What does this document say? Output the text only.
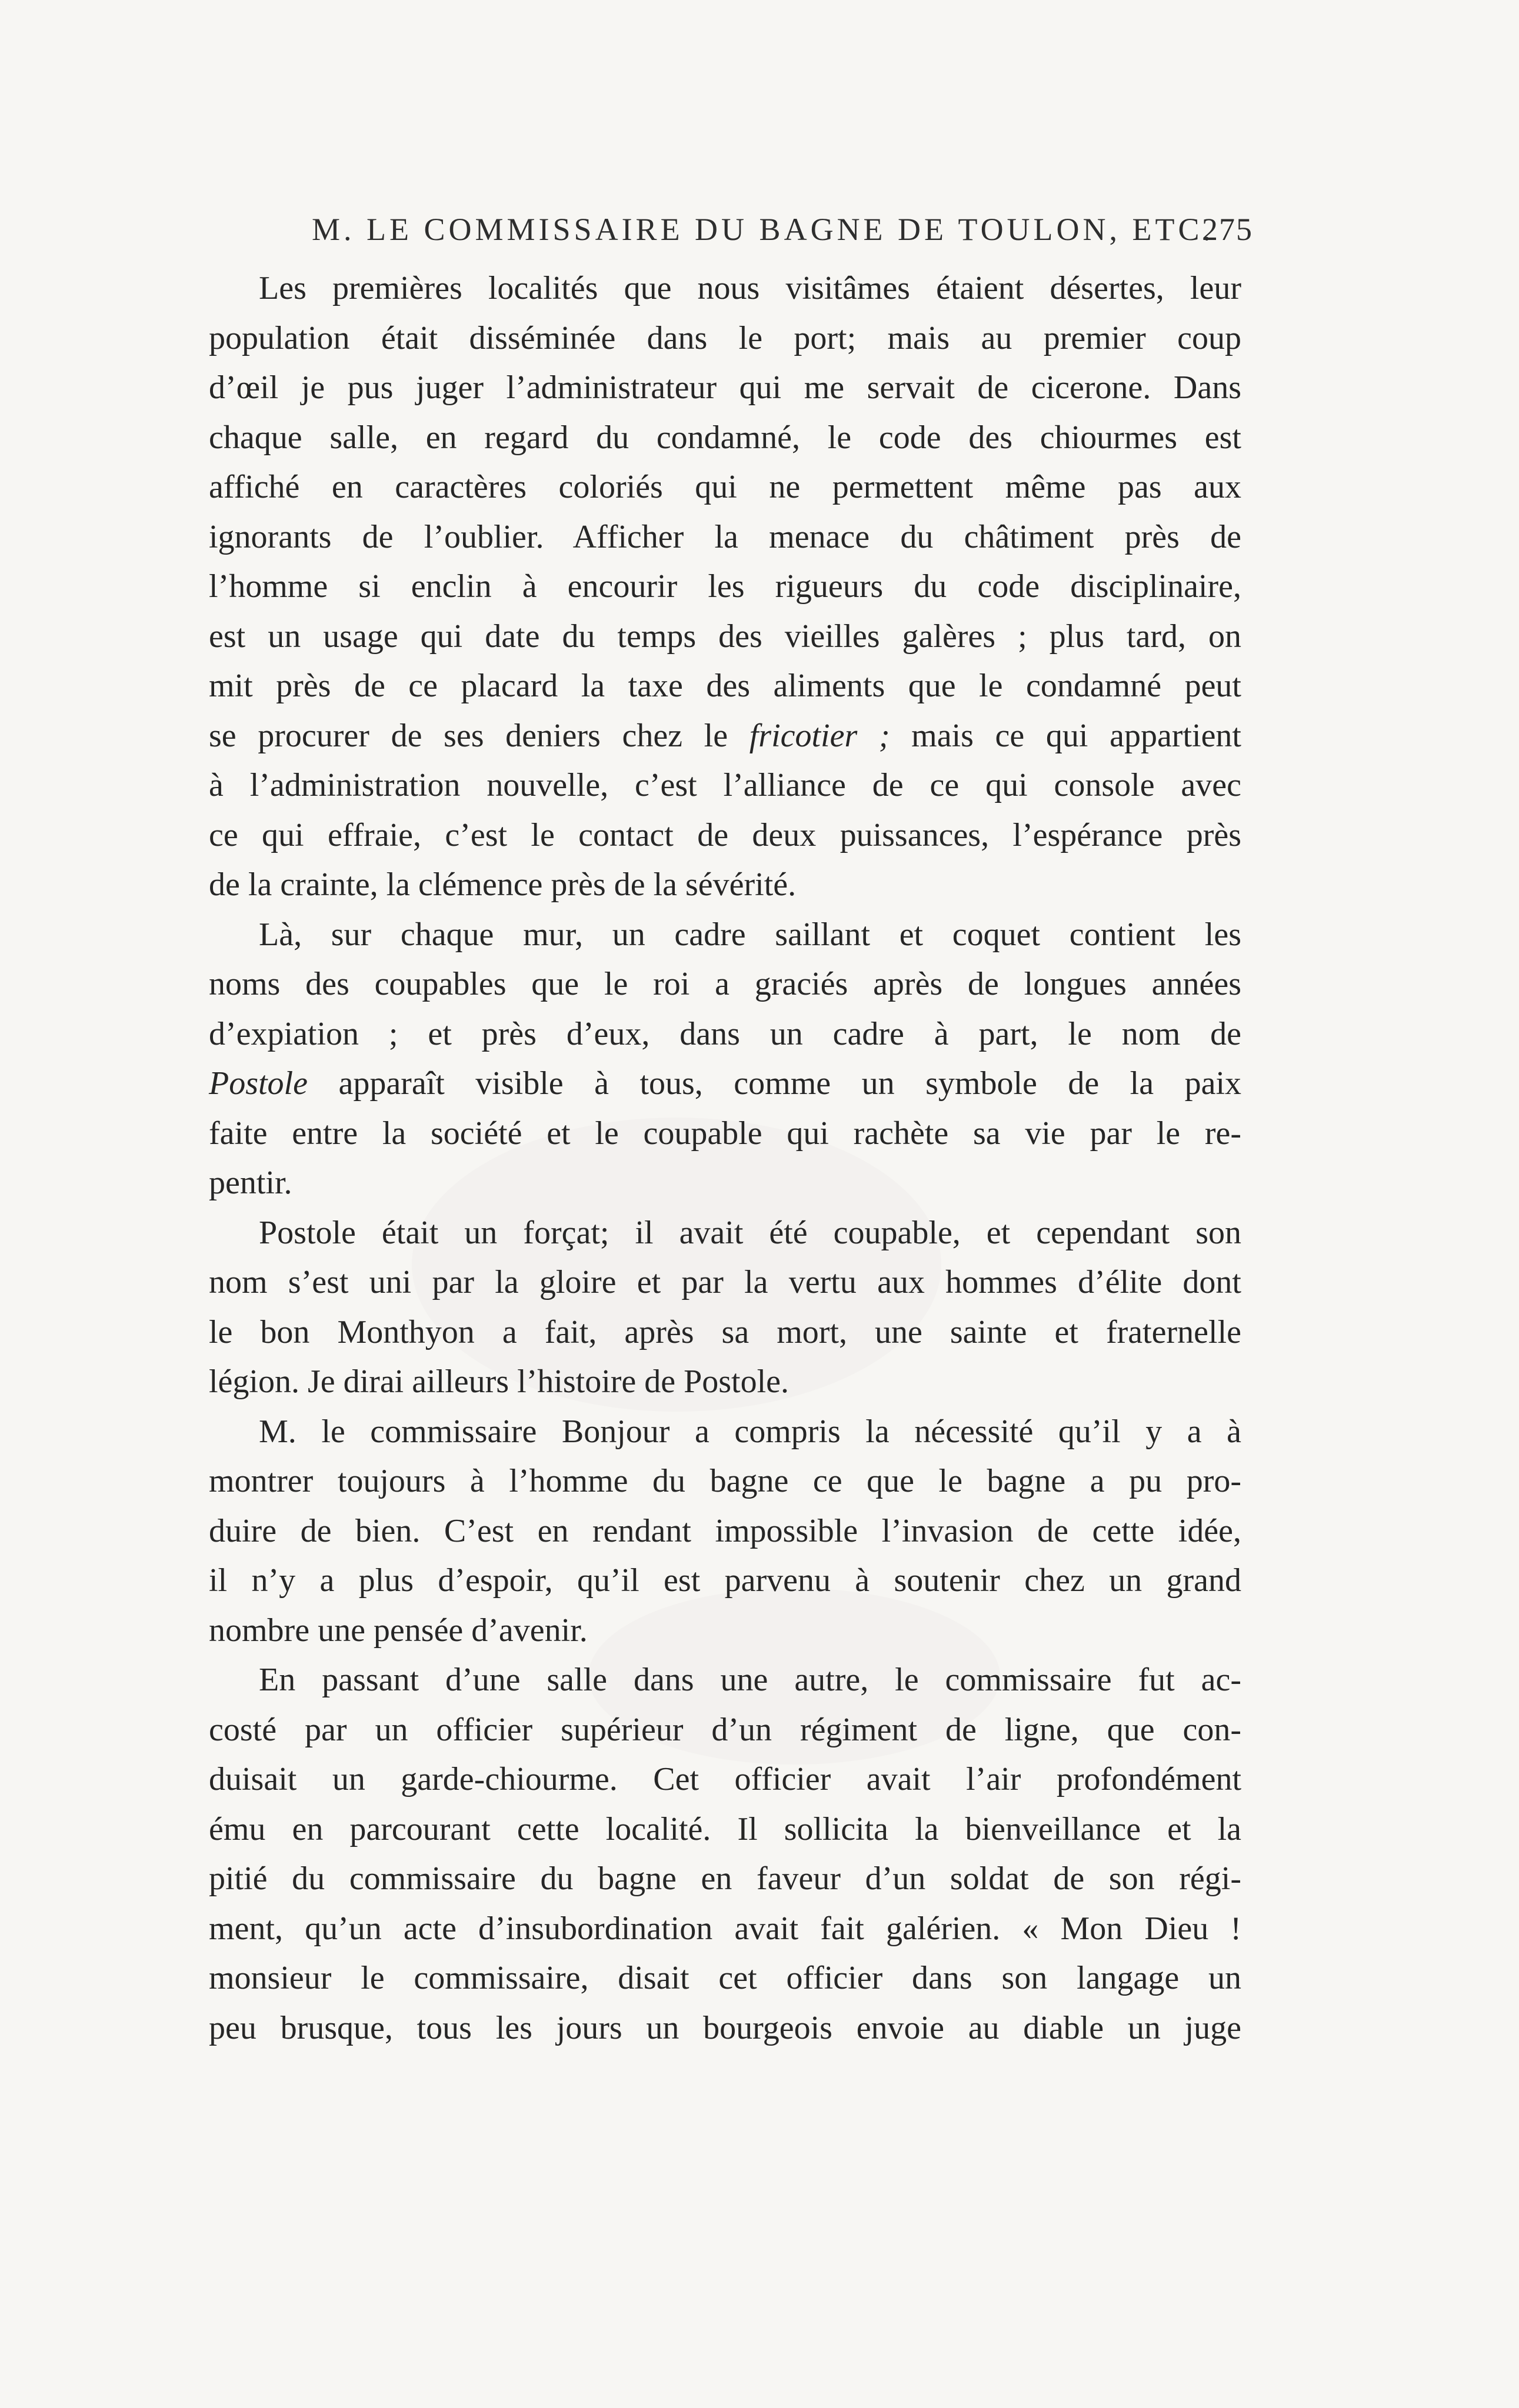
M. LE COMMISSAIRE DU BAGNE DE TOULON, ETC.
275
Les premières localités que nous visitâmes étaient désertes, leur
population était disséminée dans le port; mais au premier coup
d’œil je pus juger l’administrateur qui me servait de cicerone. Dans
chaque salle, en regard du condamné, le code des chiourmes est
affiché en caractères coloriés qui ne permettent même pas aux
ignorants de l’oublier. Afficher la menace du châtiment près de
l’homme si enclin à encourir les rigueurs du code disciplinaire,
est un usage qui date du temps des vieilles galères ; plus tard, on
mit près de ce placard la taxe des aliments que le condamné peut
se procurer de ses deniers chez le fricotier ; mais ce qui appartient
à l’administration nouvelle, c’est l’alliance de ce qui console avec
ce qui effraie, c’est le contact de deux puissances, l’espérance près
de la crainte, la clémence près de la sévérité.
Là, sur chaque mur, un cadre saillant et coquet contient les
noms des coupables que le roi a graciés après de longues années
d’expiation ; et près d’eux, dans un cadre à part, le nom de
Postole apparaît visible à tous, comme un symbole de la paix
faite entre la société et le coupable qui rachète sa vie par le re-
pentir.
Postole était un forçat; il avait été coupable, et cependant son
nom s’est uni par la gloire et par la vertu aux hommes d’élite dont
le bon Monthyon a fait, après sa mort, une sainte et fraternelle
légion. Je dirai ailleurs l’histoire de Postole.
M. le commissaire Bonjour a compris la nécessité qu’il y a à
montrer toujours à l’homme du bagne ce que le bagne a pu pro-
duire de bien. C’est en rendant impossible l’invasion de cette idée,
il n’y a plus d’espoir, qu’il est parvenu à soutenir chez un grand
nombre une pensée d’avenir.
En passant d’une salle dans une autre, le commissaire fut ac-
costé par un officier supérieur d’un régiment de ligne, que con-
duisait un garde-chiourme. Cet officier avait l’air profondément
ému en parcourant cette localité. Il sollicita la bienveillance et la
pitié du commissaire du bagne en faveur d’un soldat de son régi-
ment, qu’un acte d’insubordination avait fait galérien. « Mon Dieu !
monsieur le commissaire, disait cet officier dans son langage un
peu brusque, tous les jours un bourgeois envoie au diable un juge
